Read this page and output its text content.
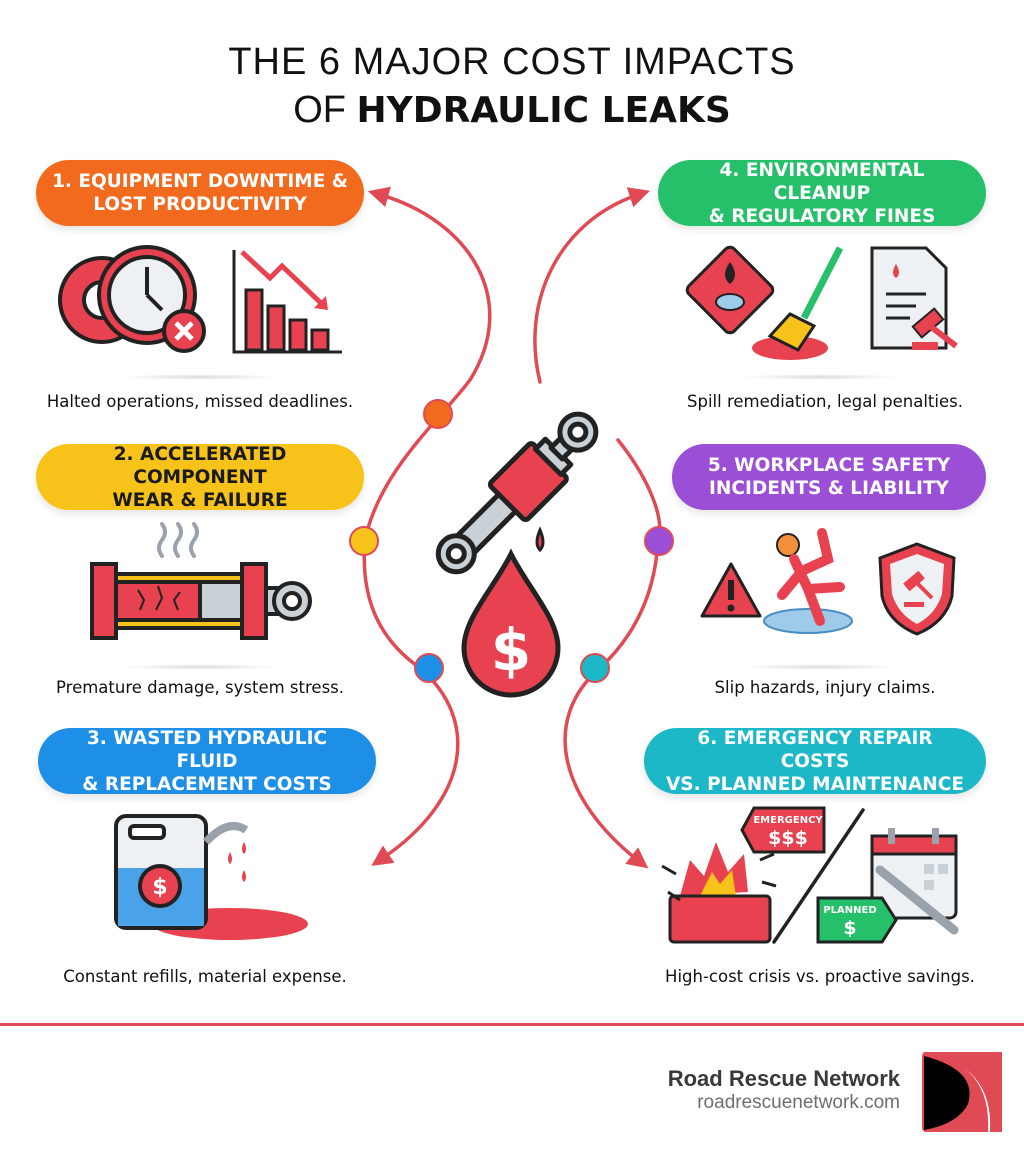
THE 6 MAJOR COST IMPACTS
OF HYDRAULIC LEAKS
$
1. EQUIPMENT DOWNTIME &
LOST PRODUCTIVITY
Halted operations, missed deadlines.
2. ACCELERATED COMPONENT
WEAR & FAILURE
Premature damage, system stress.
3. WASTED HYDRAULIC FLUID
& REPLACEMENT COSTS
$
Constant refills, material expense.
4. ENVIRONMENTAL CLEANUP
& REGULATORY FINES
Spill remediation, legal penalties.
5. WORKPLACE SAFETY
INCIDENTS & LIABILITY
Slip hazards, injury claims.
6. EMERGENCY REPAIR COSTS
VS. PLANNED MAINTENANCE
EMERGENCY
$$$
PLANNED
$
High-cost crisis vs. proactive savings.
Road Rescue Network
roadrescuenetwork.com
